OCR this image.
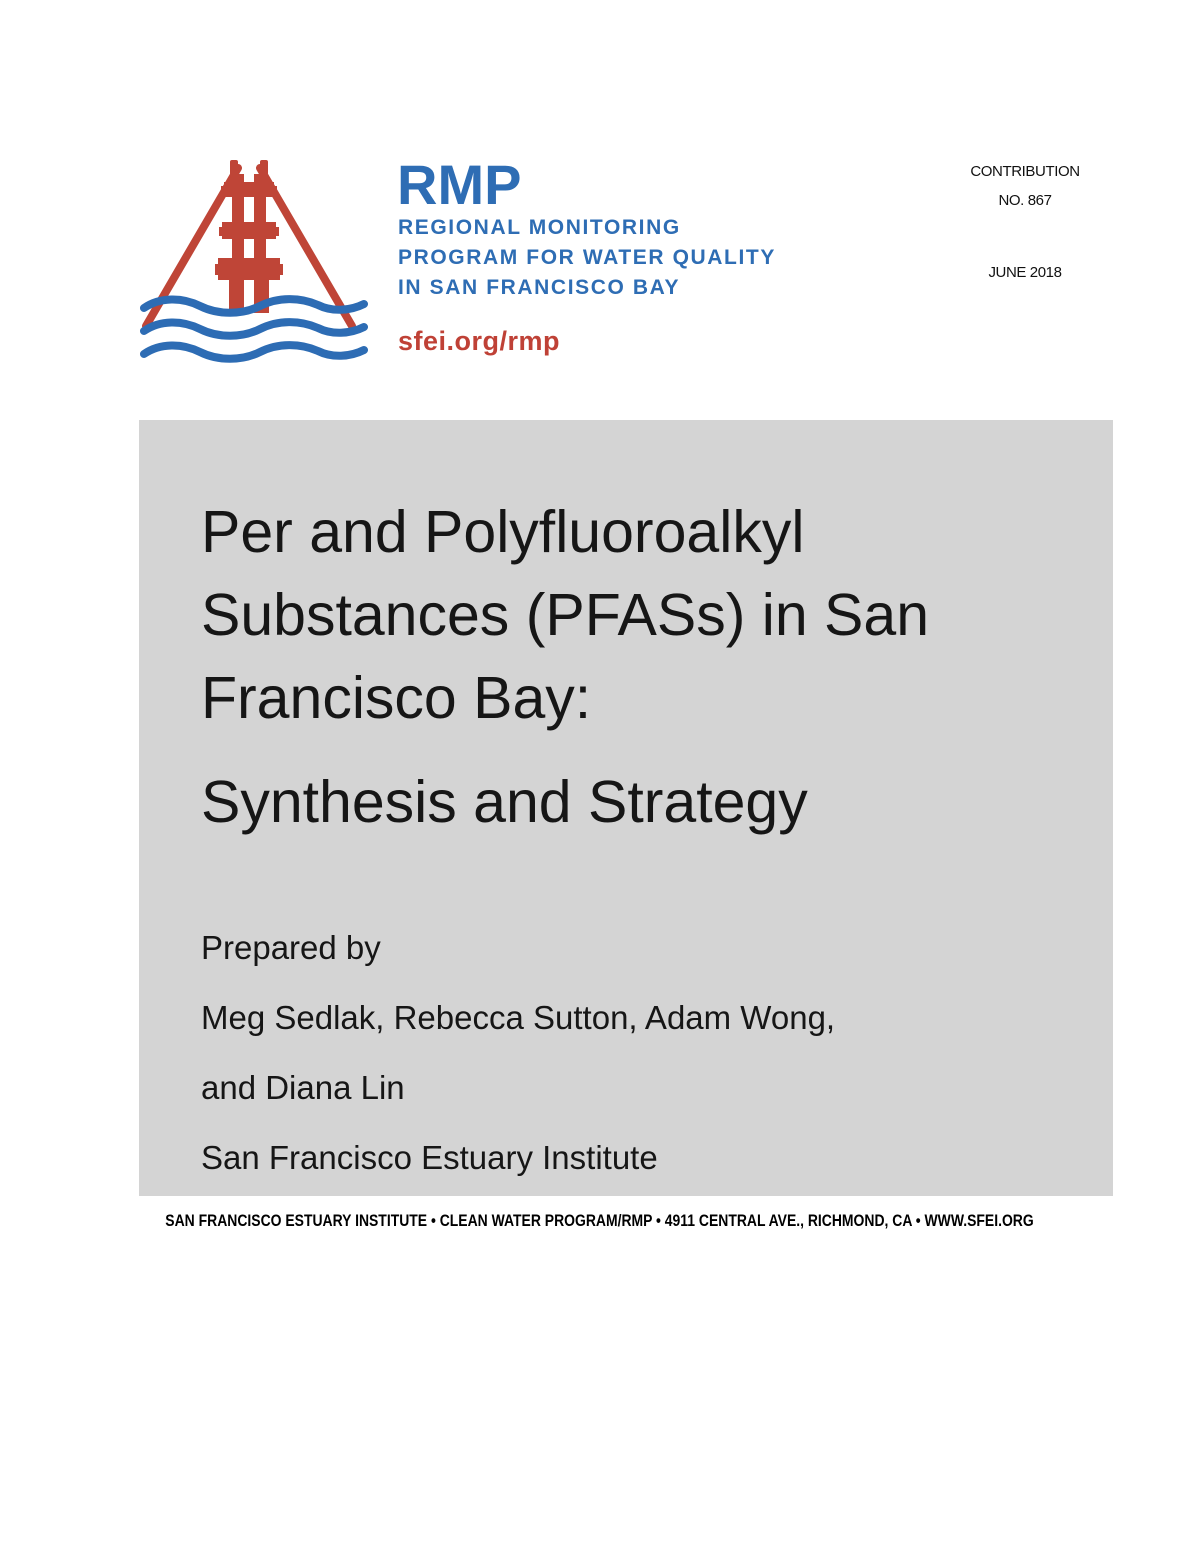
RMP
REGIONAL MONITORING
PROGRAM FOR WATER QUALITY
IN SAN FRANCISCO BAY
sfei.org/rmp
CONTRIBUTION
NO. 867
JUNE 2018
Per and Polyfluoroalkyl
Substances (PFASs) in San
Francisco Bay:
Synthesis and Strategy

Prepared by

Meg Sedlak, Rebecca Sutton, Adam Wong,

and Diana Lin

San Francisco Estuary Institute

SAN FRANCISCO ESTUARY INSTITUTE • CLEAN WATER PROGRAM/RMP • 4911 CENTRAL AVE., RICHMOND, CA • WWW.SFEI.ORG
